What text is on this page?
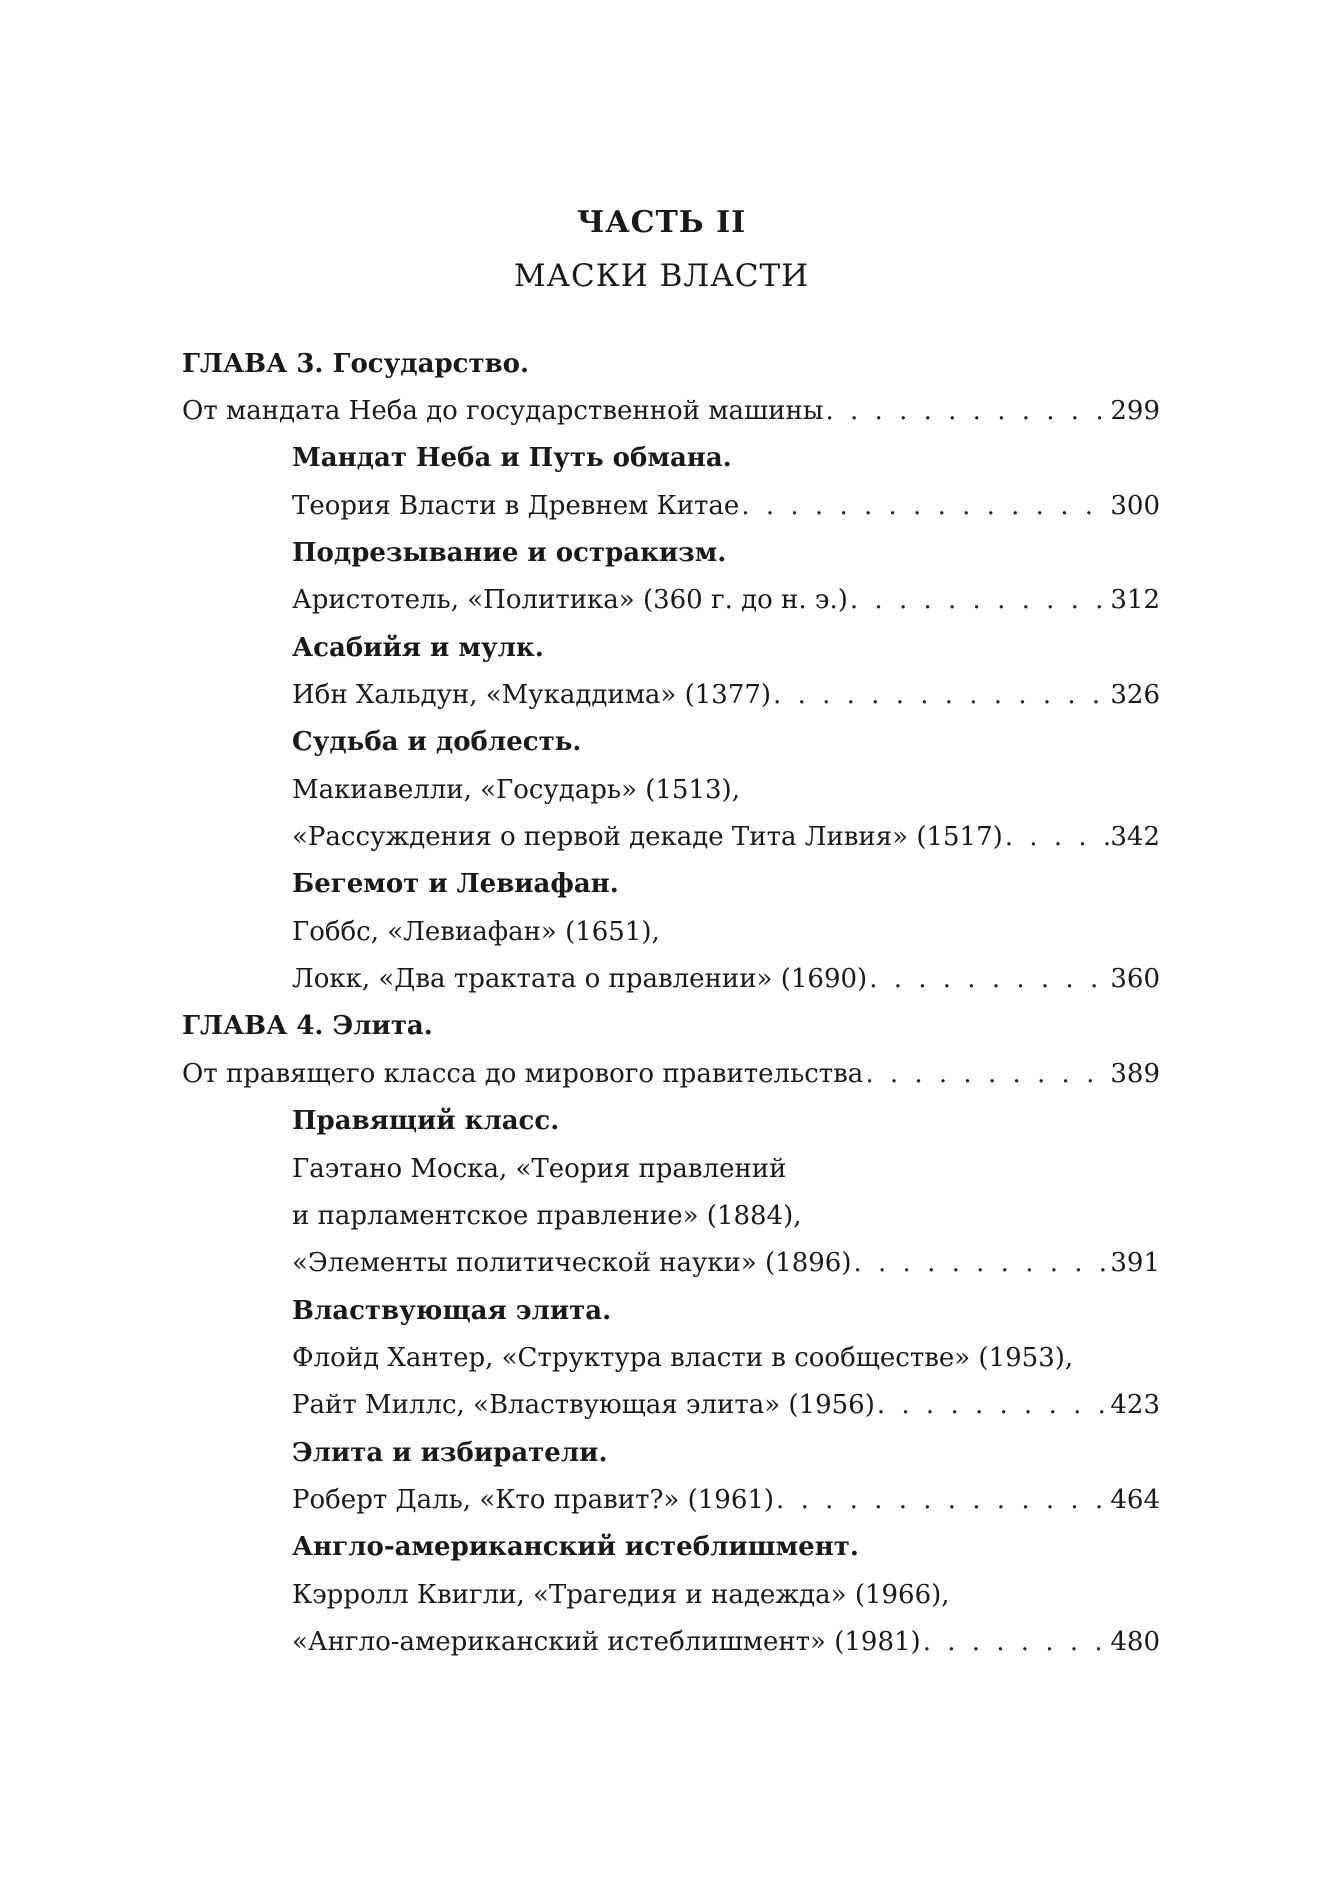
ЧАСТЬ II
МАСКИ ВЛАСТИ
ГЛАВА 3. Государство.
От мандата Неба до государственной машины . . .	299
Мандат Неба и Путь обмана.
Теория Власти в Древнем Китае . . .	300
Подрезывание и остракизм.
Аристотель, «Политика» (360 г. до н. э.) . . .	312
Асабийя и мулк.
Ибн Хальдун, «Мукаддима» (1377) . . .	326
Судьба и доблесть.
Макиавелли, «Государь» (1513),
«Рассуждения о первой декаде Тита Ливия» (1517) . . .	342
Бегемот и Левиафан.
Гоббс, «Левиафан» (1651),
Локк, «Два трактата о правлении» (1690) . . .	360
ГЛАВА 4. Элита.
От правящего класса до мирового правительства . . .	389
Правящий класс.
Гаэтано Моска, «Теория правлений
и парламентское правление» (1884),
«Элементы политической науки» (1896) . . .	391
Властвующая элита.
Флойд Хантер, «Структура власти в сообществе» (1953),
Райт Миллс, «Властвующая элита» (1956) . . .	423
Элита и избиратели.
Роберт Даль, «Кто правит?» (1961) . . .	464
Англо-американский истеблишмент.
Кэрролл Квигли, «Трагедия и надежда» (1966),
«Англо-американский истеблишмент» (1981) . . .	480
